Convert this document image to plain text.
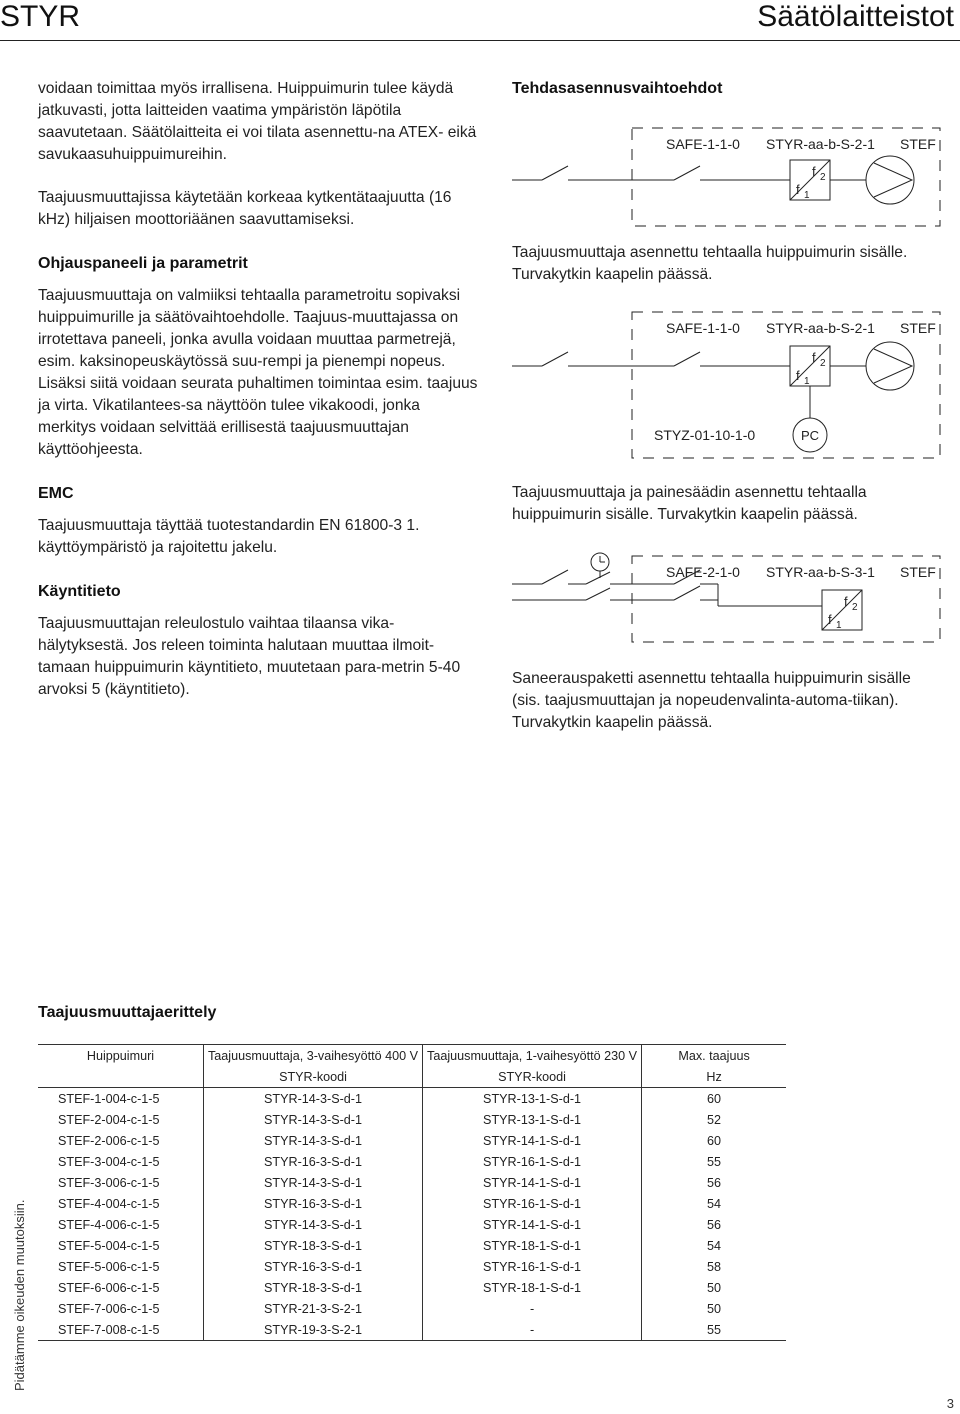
STYR	Säätölaitteistot

voidaan toimittaa myös irrallisena. Huippuimurin tulee käydä jatkuvasti, jotta laitteiden vaatima ympäristön läpötila saavutetaan. Säätölaitteita ei voi tilata asennettu-na ATEX- eikä savukaasuhuippuimureihin.

Taajuusmuuttajissa käytetään korkeaa kytkentätaajuutta (16 kHz) hiljaisen moottoriäänen saavuttamiseksi.

Ohjauspaneeli ja parametrit

Taajuusmuuttaja on valmiiksi tehtaalla parametroitu sopivaksi huippuimurille ja säätövaihtoehdolle. Taajuus-muuttajassa on irrotettava paneeli, jonka avulla voidaan muuttaa parmetrejä, esim. kaksinopeuskäytössä suu-rempi ja pienempi nopeus. Lisäksi siitä voidaan seurata puhaltimen toimintaa esim. taajuus ja virta. Vikatilantees-sa näyttöön tulee vikakoodi, jonka merkitys voidaan selvittää erillisestä taajuusmuuttajan käyttöohjeesta.

EMC

Taajuusmuuttaja täyttää tuotestandardin EN 61800-3 1. käyttöympäristö ja rajoitettu jakelu.

Käyntitieto

Taajuusmuuttajan releulostulo vaihtaa tilaansa vika-hälytyksestä. Jos releen toiminta halutaan muuttaa ilmoit-tamaan huippuimurin käyntitieto, muutetaan para-metrin 5-40 arvoksi 5 (käyntitieto).

Tehdasasennusvaihtoehdot
SAFE-1-1-0 STYR-aa-b-S-2-1 STEF
f 2
f 1

Taajuusmuuttaja asennettu tehtaalla huippuimurin sisälle. Turvakytkin kaapelin päässä.

SAFE-1-1-0 STYR-aa-b-S-2-1 STEF
f 2
f 1
PC
STYZ-01-10-1-0

Taajuusmuuttaja ja painesäädin asennettu tehtaalla huippuimurin sisälle. Turvakytkin kaapelin päässä.

SAFE-2-1-0 STYR-aa-b-S-3-1 STEF
f 2
f 1

Saneerauspaketti asennettu tehtaalla huippuimurin sisälle (sis. taajusmuuttajan ja nopeudenvalinta-automa-tiikan). Turvakytkin kaapelin päässä.

Taajuusmuuttajaerittely
Huippuimuri	Taajuusmuuttaja, 3-vaihesyöttö 400 V	Taajuusmuuttaja, 1-vaihesyöttö 230 V	Max. taajuus
	STYR-koodi	STYR-koodi	Hz
STEF-1-004-c-1-5	STYR-14-3-S-d-1	STYR-13-1-S-d-1	60
STEF-2-004-c-1-5	STYR-14-3-S-d-1	STYR-13-1-S-d-1	52
STEF-2-006-c-1-5	STYR-14-3-S-d-1	STYR-14-1-S-d-1	60
STEF-3-004-c-1-5	STYR-16-3-S-d-1	STYR-16-1-S-d-1	55
STEF-3-006-c-1-5	STYR-14-3-S-d-1	STYR-14-1-S-d-1	56
STEF-4-004-c-1-5	STYR-16-3-S-d-1	STYR-16-1-S-d-1	54
STEF-4-006-c-1-5	STYR-14-3-S-d-1	STYR-14-1-S-d-1	56
STEF-5-004-c-1-5	STYR-18-3-S-d-1	STYR-18-1-S-d-1	54
STEF-5-006-c-1-5	STYR-16-3-S-d-1	STYR-16-1-S-d-1	58
STEF-6-006-c-1-5	STYR-18-3-S-d-1	STYR-18-1-S-d-1	50
STEF-7-006-c-1-5	STYR-21-3-S-2-1	-	50
STEF-7-008-c-1-5	STYR-19-3-S-2-1	-	55
Pidätämme oikeuden muutoksiin.
3
